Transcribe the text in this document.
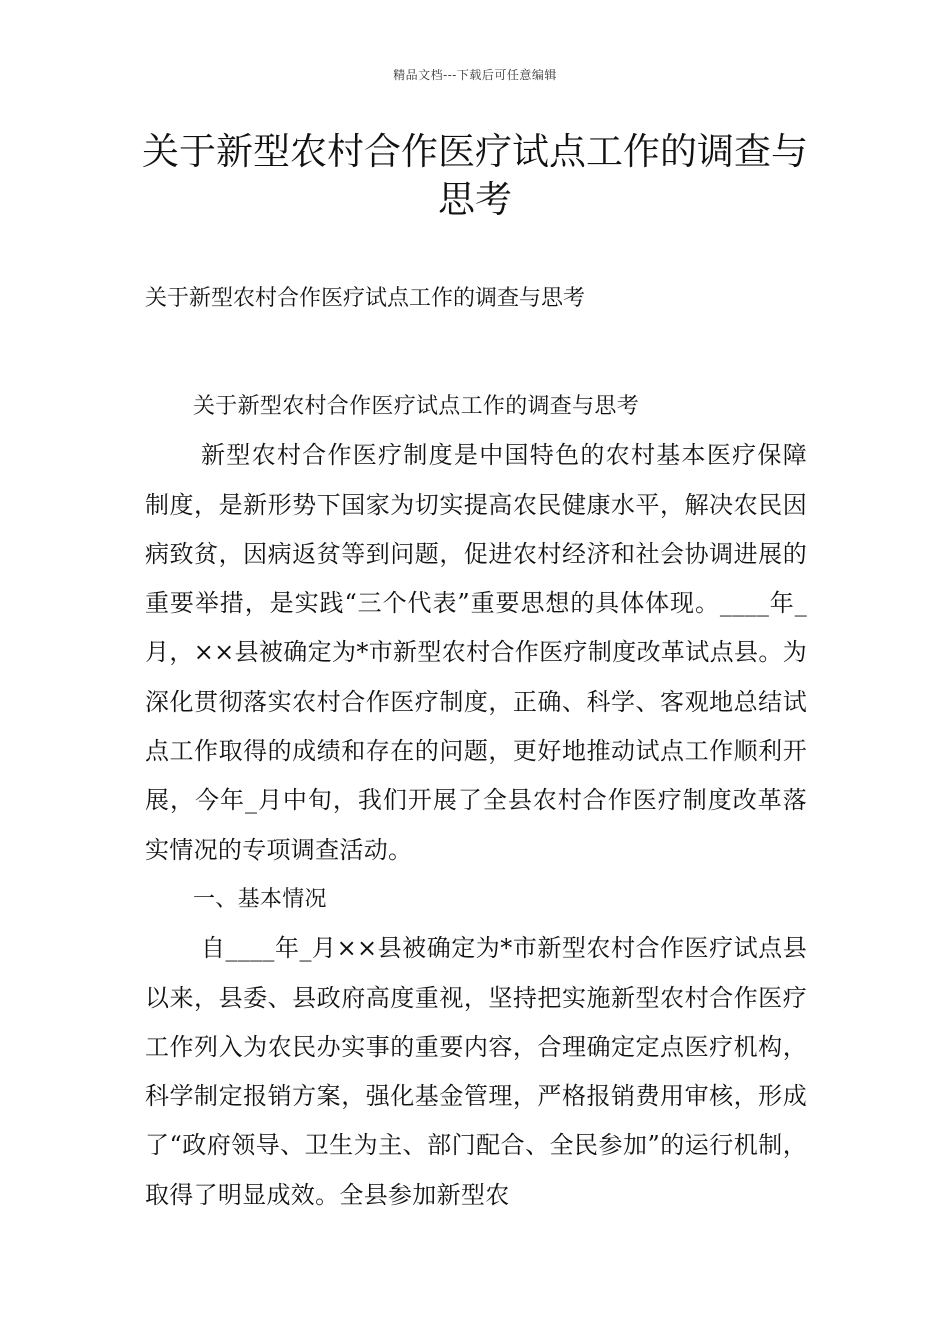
精品文档---下载后可任意编辑
关于新型农村合作医疗试点工作的调查与思考

关于新型农村合作医疗试点工作的调查与思考

关于新型农村合作医疗试点工作的调查与思考

新型农村合作医疗制度是中国特色的农村基本医疗保障制度，是新形势下国家为切实提高农民健康水平，解决农民因病致贫，因病返贫等到问题，促进农村经济和社会协调进展的重要举措，是实践“三个代表”重要思想的具体体现。____年_月，××县被确定为*市新型农村合作医疗制度改革试点县。为深化贯彻落实农村合作医疗制度，正确、科学、客观地总结试点工作取得的成绩和存在的问题，更好地推动试点工作顺利开展，今年_月中旬，我们开展了全县农村合作医疗制度改革落实情况的专项调查活动。

一、基本情况

自____年_月××县被确定为*市新型农村合作医疗试点县以来，县委、县政府高度重视，坚持把实施新型农村合作医疗工作列入为农民办实事的重要内容，合理确定定点医疗机构，科学制定报销方案，强化基金管理，严格报销费用审核，形成了“政府领导、卫生为主、部门配合、全民参加”的运行机制，取得了明显成效。全县参加新型农
